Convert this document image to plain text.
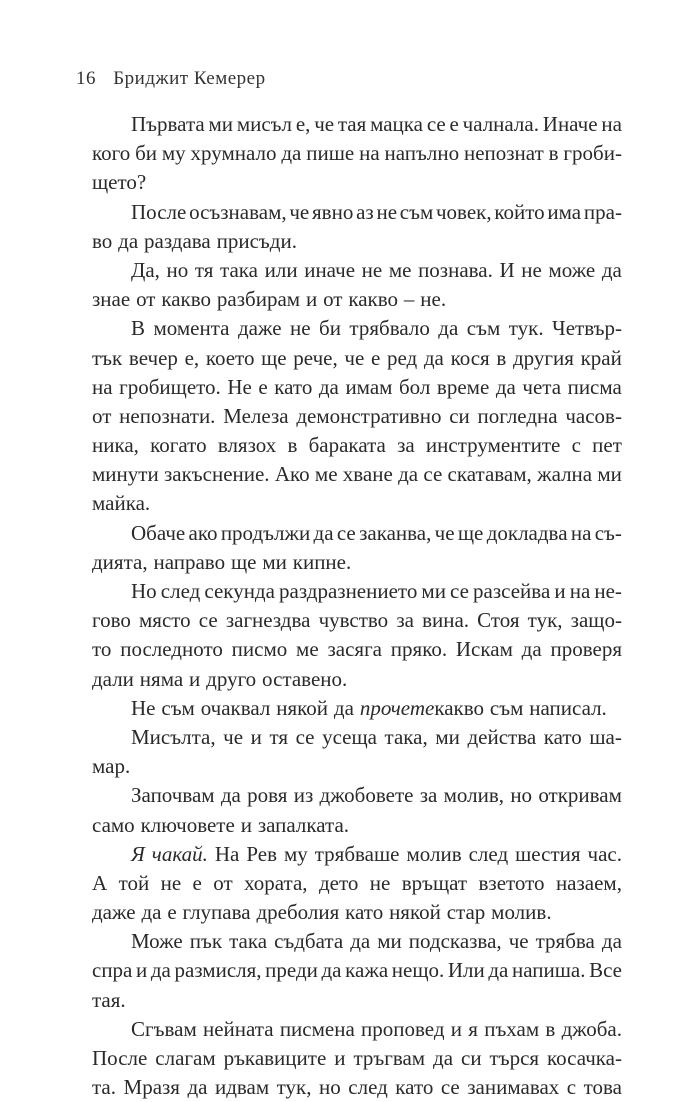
16 Бриджит Кемерер
Първата ми мисъл е, че тая мацка се е чалнала. Иначе на
кого би му хрумнало да пише на напълно непознат в гроби-
щето?
После осъзнавам, че явно аз не съм човек, който има пра-
во да раздава присъди.
Да, но тя така или иначе не ме познава. И не може да
знае от какво разбирам и от какво – не.
В момента даже не би трябвало да съм тук. Четвър-
тък вечер е, което ще рече, че е ред да кося в другия край
на гробището. Не е като да имам бол време да чета писма
от непознати. Мелеза демонстративно си погледна часов-
ника, когато влязох в бараката за инструментите с пет
минути закъснение. Ако ме хване да се скатавам, жална ми
майка.
Обаче ако продължи да се заканва, че ще докладва на съ-
дията, направо ще ми кипне.
Но след секунда раздразнението ми се разсейва и на не-
гово място се загнездва чувство за вина. Стоя тук, защо-
то последното писмо ме засяга пряко. Искам да проверя
дали няма и друго оставено.
Не съм очаквал някой да прочете какво съм написал.
Мисълта, че и тя се усеща така, ми действа като ша-
мар.
Започвам да ровя из джобовете за молив, но откривам
само ключовете и запалката.
Я чакай. На Рев му трябваше молив след шестия час.
А той не е от хората, дето не връщат взетото назаем,
даже да е глупава дреболия като някой стар молив.
Може пък така съдбата да ми подсказва, че трябва да
спра и да размисля, преди да кажа нещо. Или да напиша. Все
тая.
Сгъвам нейната писмена проповед и я пъхам в джоба.
После слагам ръкавиците и тръгвам да си търся косачка-
та. Мразя да идвам тук, но след като се занимавах с това
